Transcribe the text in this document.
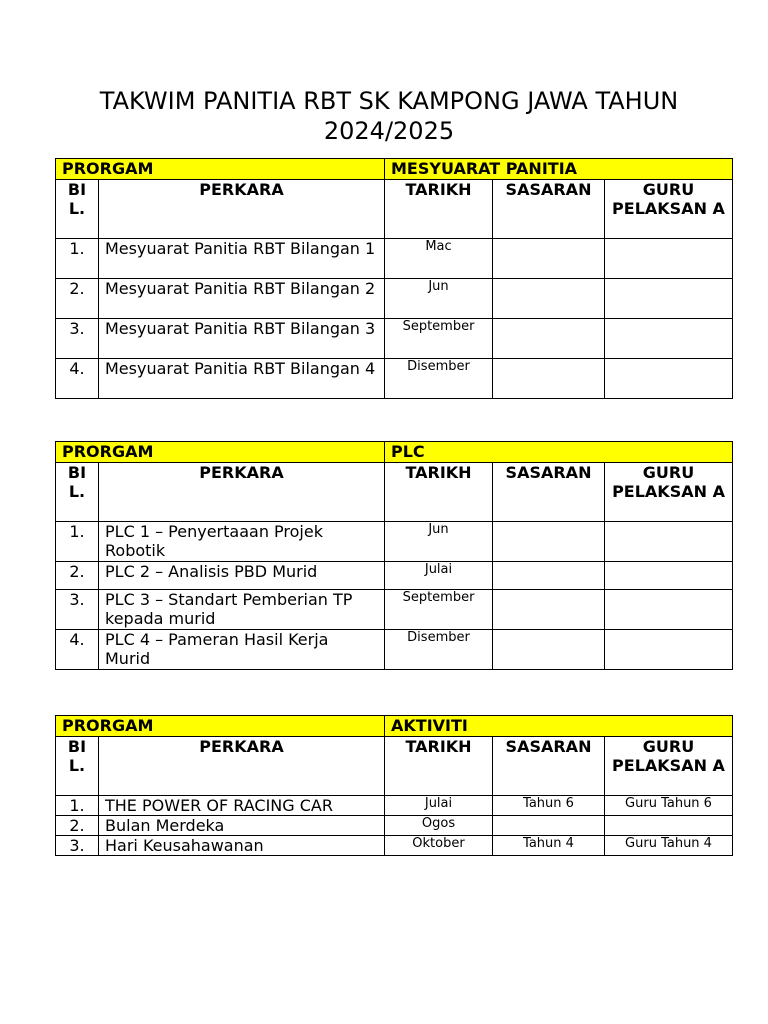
TAKWIM PANITIA RBT SK KAMPONG JAWA TAHUN 2024/2025
PRORGAM		MESYUARAT PANITIA		
BI L.	PERKARA	TARIKH	SASARAN	GURU PELAKSAN A
1.	Mesyuarat Panitia RBT Bilangan 1	Mac		
2.	Mesyuarat Panitia RBT Bilangan 2	Jun		
3.	Mesyuarat Panitia RBT Bilangan 3	September		
4.	Mesyuarat Panitia RBT Bilangan 4	Disember		
PRORGAM		PLC		
BI L.	PERKARA	TARIKH	SASARAN	GURU PELAKSAN A
1.	PLC 1 – Penyertaaan Projek Robotik	Jun		
2.	PLC 2 – Analisis PBD Murid	Julai		
3.	PLC 3 – Standart Pemberian TP kepada murid	September		
4.	PLC 4 – Pameran Hasil Kerja Murid	Disember		
PRORGAM		AKTIVITI		
BI L.	PERKARA	TARIKH	SASARAN	GURU PELAKSAN A
1.	THE POWER OF RACING CAR	Julai	Tahun 6	Guru Tahun 6
2.	Bulan Merdeka	Ogos		
3.	Hari Keusahawanan	Oktober	Tahun 4	Guru Tahun 4
